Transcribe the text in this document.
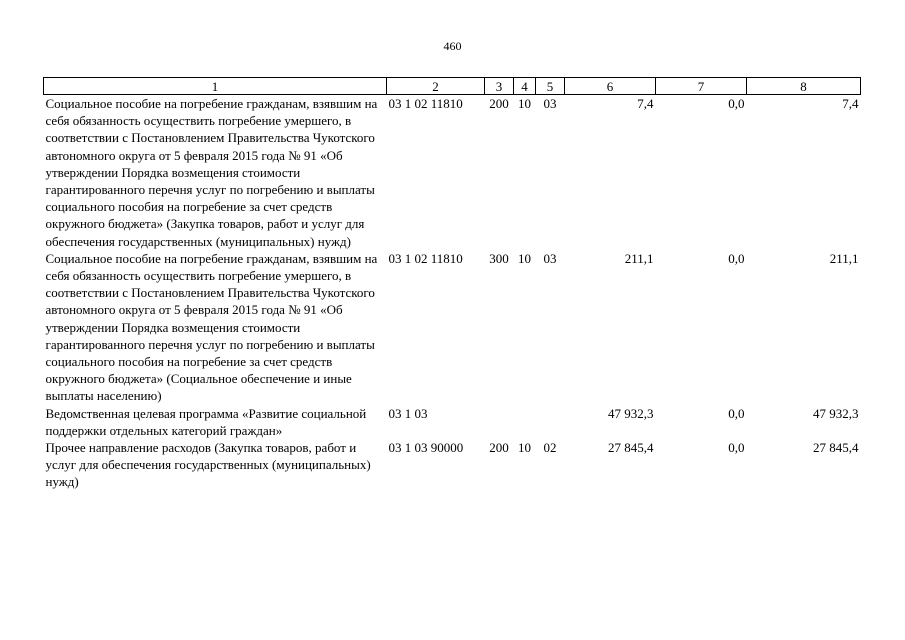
460
1	2	3	4	5	6	7	8
Социальное пособие на погребение гражданам, взявшим на себя обязанность осуществить погребение умершего, в соответствии с Постановлением Правительства Чукотского автономного округа от 5 февраля 2015 года № 91 «Об утверждении Порядка возмещения стоимости гарантированного перечня услуг по погребению и выплаты социального пособия на погребение за счет средств окружного бюджета» (Закупка товаров, работ и услуг для обеспечения государственных (муниципальных) нужд)	03 1 02 11810	200	10	03	7,4	0,0	7,4
Социальное пособие на погребение гражданам, взявшим на себя обязанность осуществить погребение умершего, в соответствии с Постановлением Правительства Чукотского автономного округа от 5 февраля 2015 года № 91 «Об утверждении Порядка возмещения стоимости гарантированного перечня услуг по погребению и выплаты социального пособия на погребение за счет средств окружного бюджета» (Социальное обеспечение и иные выплаты населению)	03 1 02 11810	300	10	03	211,1	0,0	211,1
Ведомственная целевая программа «Развитие социальной поддержки отдельных категорий граждан»	03 1 03				47 932,3	0,0	47 932,3
Прочее направление расходов (Закупка товаров, работ и услуг для обеспечения государственных (муниципальных) нужд)	03 1 03 90000	200	10	02	27 845,4	0,0	27 845,4
